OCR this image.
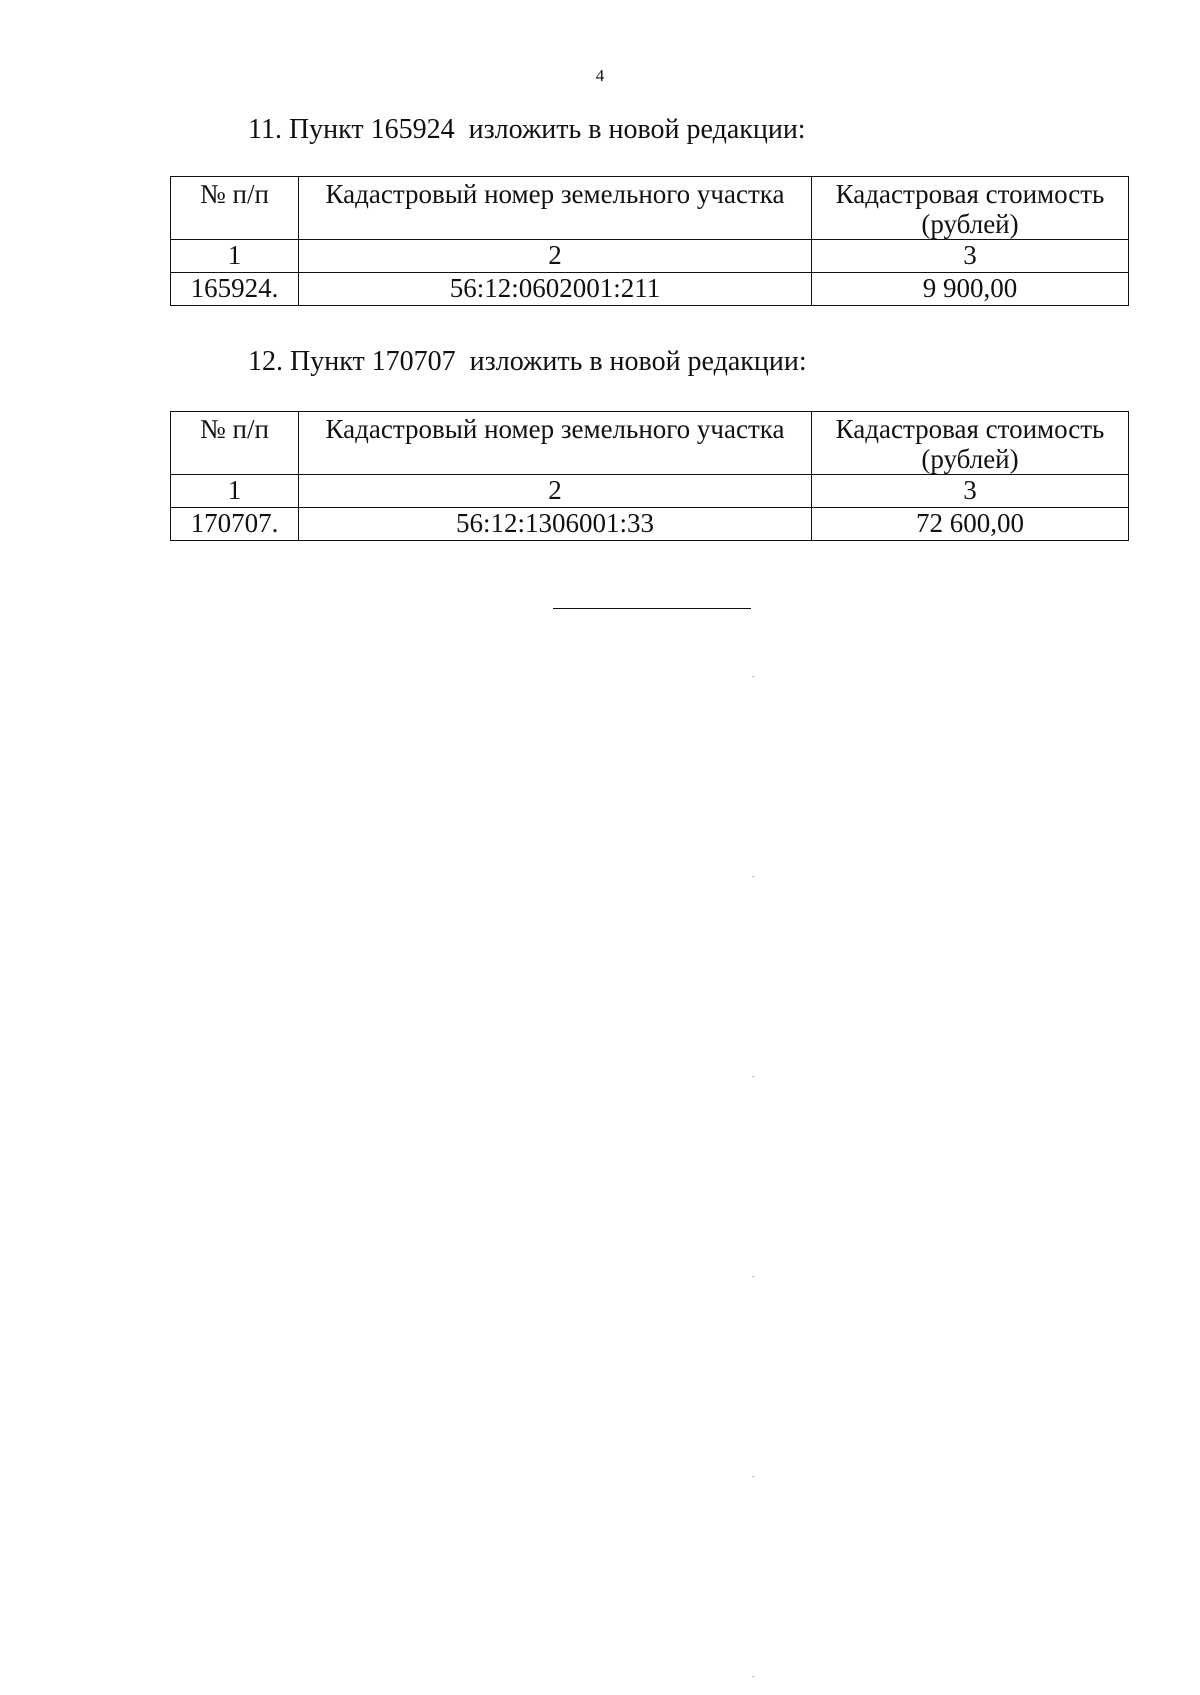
4
11. Пункт 165924  изложить в новой редакции:
№ п/п	Кадастровый номер земельного участка	Кадастровая стоимость (рублей)
1	2	3
165924.	56:12:0602001:211	9 900,00
12. Пункт 170707  изложить в новой редакции:
№ п/п	Кадастровый номер земельного участка	Кадастровая стоимость (рублей)
1	2	3
170707.	56:12:1306001:33	72 600,00
